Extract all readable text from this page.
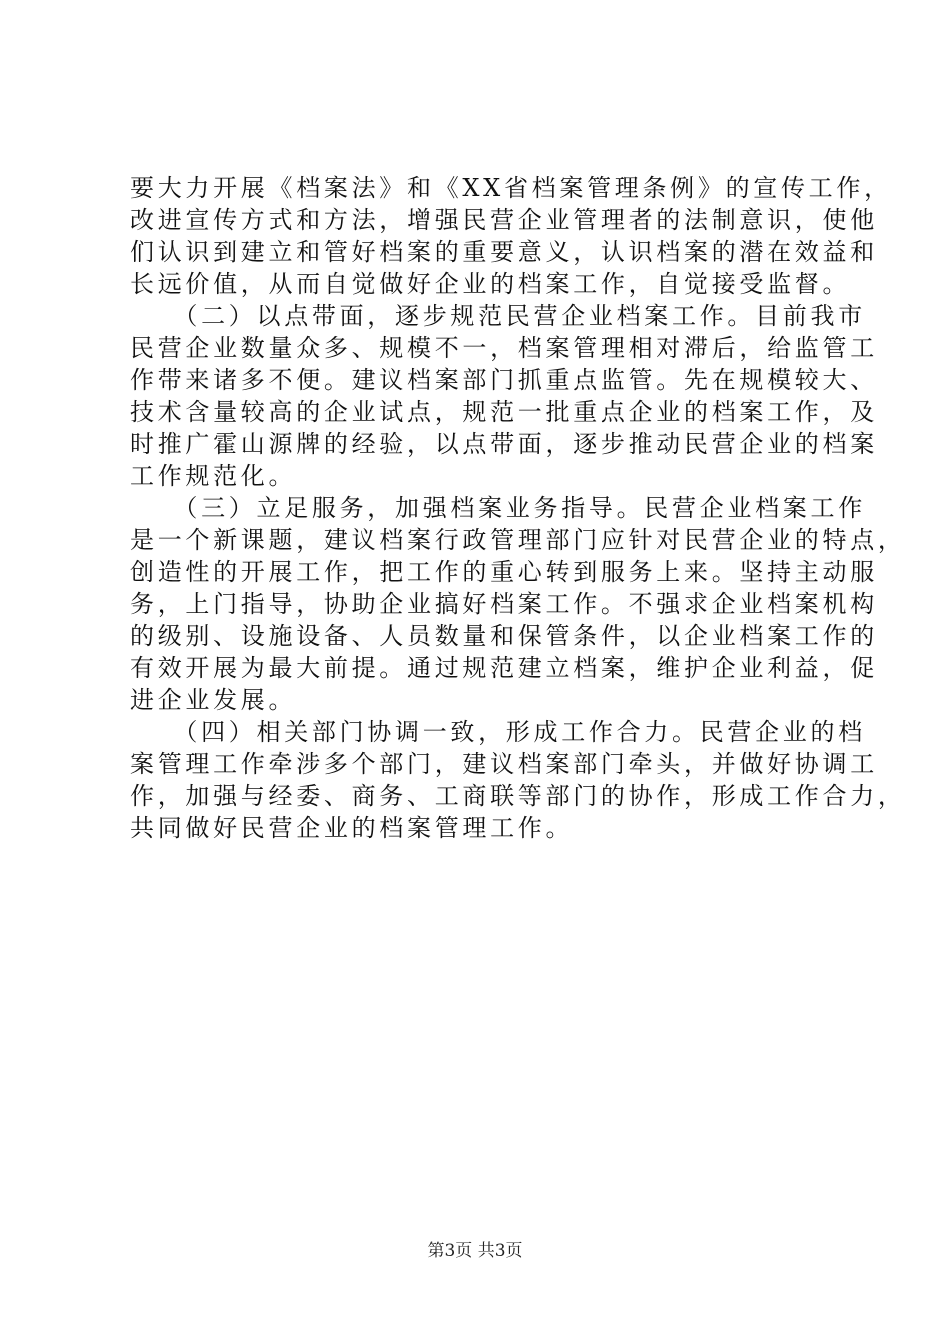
要大力开展《档案法》和《XX省档案管理条例》的宣传工作，
改进宣传方式和方法，增强民营企业管理者的法制意识，使他
们认识到建立和管好档案的重要意义，认识档案的潜在效益和
长远价值，从而自觉做好企业的档案工作，自觉接受监督。
　　（二）以点带面，逐步规范民营企业档案工作。目前我市
民营企业数量众多、规模不一，档案管理相对滞后，给监管工
作带来诸多不便。建议档案部门抓重点监管。先在规模较大、
技术含量较高的企业试点，规范一批重点企业的档案工作，及
时推广霍山源牌的经验，以点带面，逐步推动民营企业的档案
工作规范化。
　　（三）立足服务，加强档案业务指导。民营企业档案工作
是一个新课题，建议档案行政管理部门应针对民营企业的特点，
创造性的开展工作，把工作的重心转到服务上来。坚持主动服
务，上门指导，协助企业搞好档案工作。不强求企业档案机构
的级别、设施设备、人员数量和保管条件，以企业档案工作的
有效开展为最大前提。通过规范建立档案，维护企业利益，促
进企业发展。
　　（四）相关部门协调一致，形成工作合力。民营企业的档
案管理工作牵涉多个部门，建议档案部门牵头，并做好协调工
作，加强与经委、商务、工商联等部门的协作，形成工作合力，
共同做好民营企业的档案管理工作。
第3页 共3页
